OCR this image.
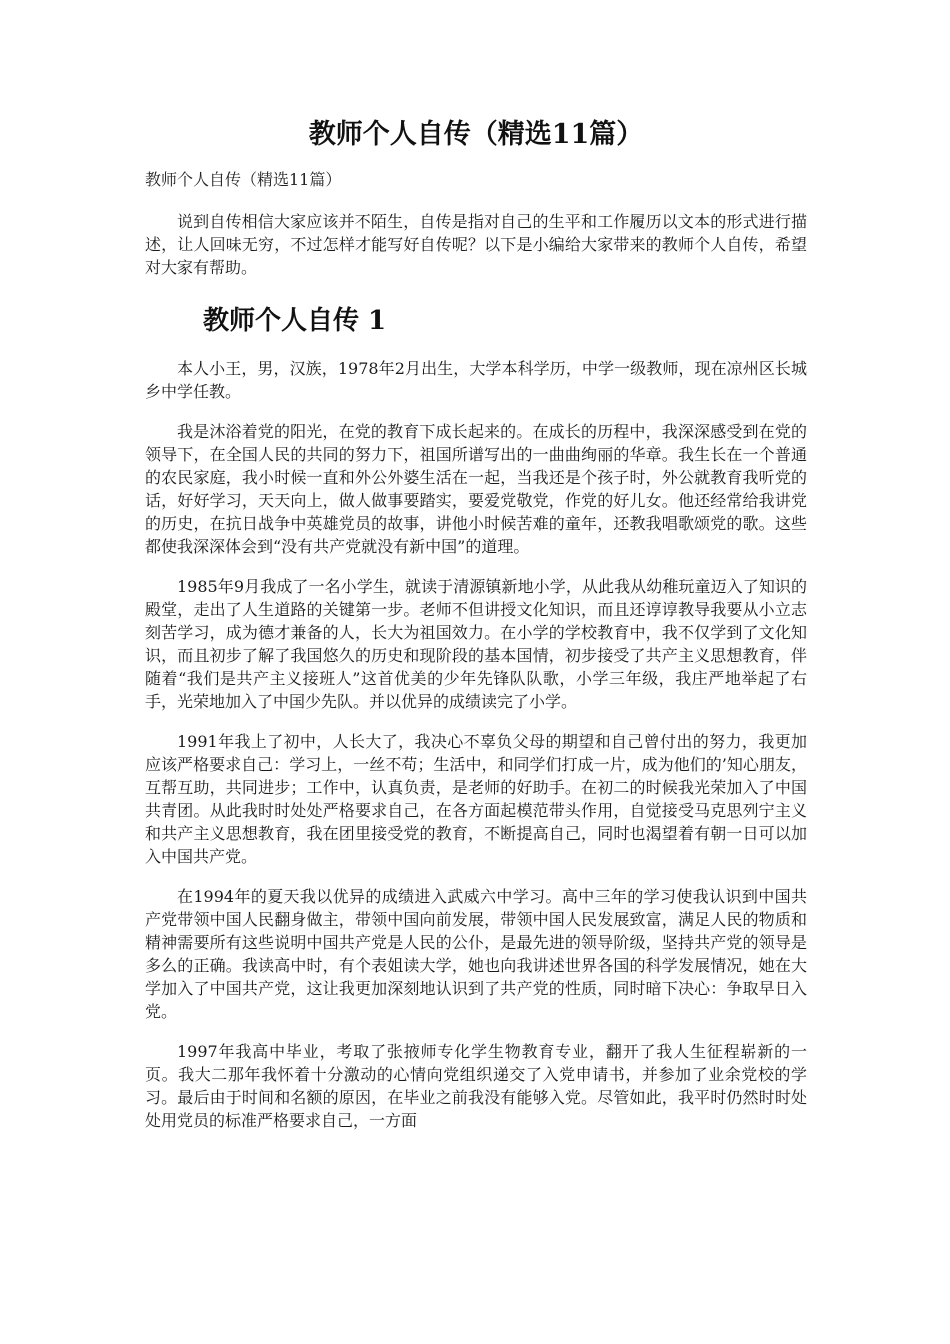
教师个人自传（精选11篇）
教师个人自传（精选11篇）

说到自传相信大家应该并不陌生，自传是指对自己的生平和工作履历以文本的形式进行描述，让人回味无穷，不过怎样才能写好自传呢？以下是小编给大家带来的教师个人自传，希望对大家有帮助。

教师个人自传 1

本人小王，男，汉族，1978年2月出生，大学本科学历，中学一级教师，现在凉州区长城乡中学任教。

我是沐浴着党的阳光，在党的教育下成长起来的。在成长的历程中，我深深感受到在党的领导下，在全国人民的共同的努力下，祖国所谱写出的一曲曲绚丽的华章。我生长在一个普通的农民家庭，我小时候一直和外公外婆生活在一起，当我还是个孩子时，外公就教育我听党的话，好好学习，天天向上，做人做事要踏实，要爱党敬党，作党的好儿女。他还经常给我讲党的历史，在抗日战争中英雄党员的故事，讲他小时候苦难的童年，还教我唱歌颂党的歌。这些都使我深深体会到“没有共产党就没有新中国”的道理。

1985年9月我成了一名小学生，就读于清源镇新地小学，从此我从幼稚玩童迈入了知识的殿堂，走出了人生道路的关键第一步。老师不但讲授文化知识，而且还谆谆教导我要从小立志刻苦学习，成为德才兼备的人，长大为祖国效力。在小学的学校教育中，我不仅学到了文化知识，而且初步了解了我国悠久的历史和现阶段的基本国情，初步接受了共产主义思想教育，伴随着“我们是共产主义接班人”这首优美的少年先锋队队歌，小学三年级，我庄严地举起了右手，光荣地加入了中国少先队。并以优异的成绩读完了小学。

1991年我上了初中，人长大了，我决心不辜负父母的期望和自己曾付出的努力，我更加应该严格要求自己：学习上，一丝不苟；生活中，和同学们打成一片，成为他们的’知心朋友，互帮互助，共同进步；工作中，认真负责，是老师的好助手。在初二的时候我光荣加入了中国共青团。从此我时时处处严格要求自己，在各方面起模范带头作用，自觉接受马克思列宁主义和共产主义思想教育，我在团里接受党的教育，不断提高自己，同时也渴望着有朝一日可以加入中国共产党。

在1994年的夏天我以优异的成绩进入武威六中学习。高中三年的学习使我认识到中国共产党带领中国人民翻身做主，带领中国向前发展，带领中国人民发展致富，满足人民的物质和精神需要所有这些说明中国共产党是人民的公仆，是最先进的领导阶级，坚持共产党的领导是多么的正确。我读高中时，有个表姐读大学，她也向我讲述世界各国的科学发展情况，她在大学加入了中国共产党，这让我更加深刻地认识到了共产党的性质，同时暗下决心：争取早日入党。

1997年我高中毕业，考取了张掖师专化学生物教育专业，翻开了我人生征程崭新的一页。我大二那年我怀着十分激动的心情向党组织递交了入党申请书，并参加了业余党校的学习。最后由于时间和名额的原因，在毕业之前我没有能够入党。尽管如此，我平时仍然时时处处用党员的标准严格要求自己，一方面
